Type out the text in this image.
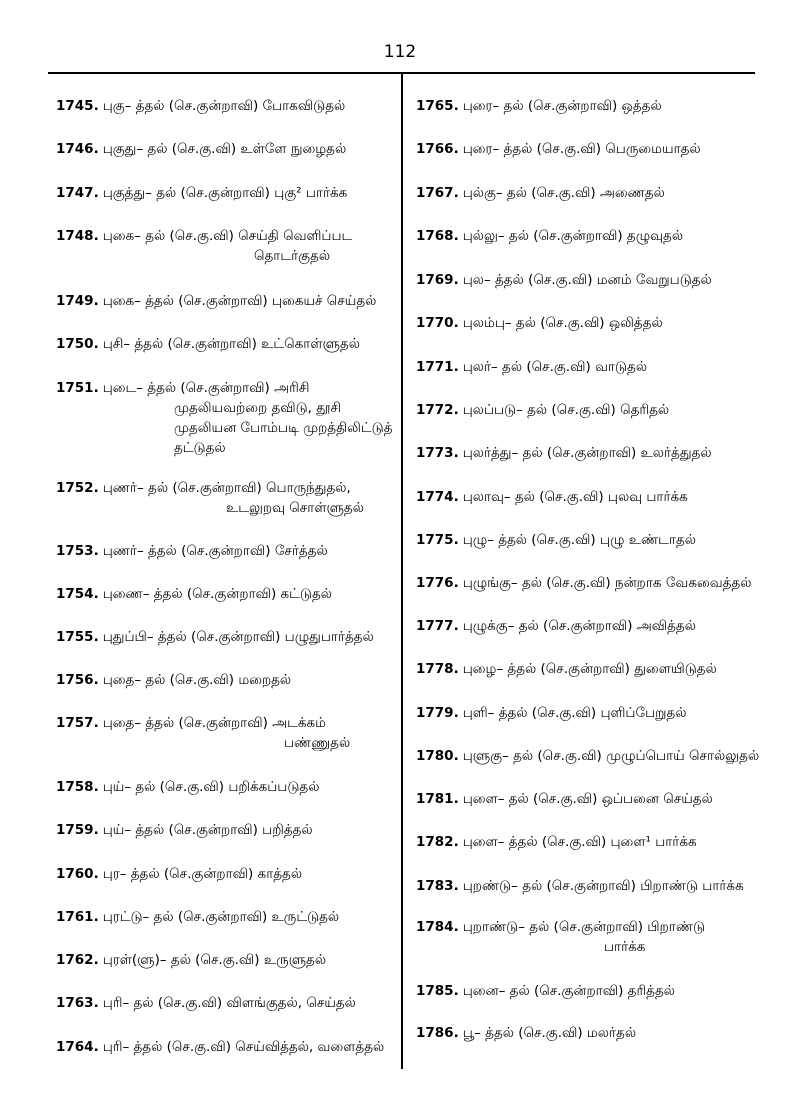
112
1745. புகு– த்தல் (செ.குன்றாவி) போகவிடுதல்
1746. புகுது– தல் (செ.கு.வி) உள்ளே நுழைதல்
1747. புகுத்து– தல் (செ.குன்றாவி) புகு² பார்க்க
1748. புகை– தல் (செ.கு.வி) செய்தி வெளிப்பட
தொடர்குதல்
1749. புகை– த்தல் (செ.குன்றாவி) புகையச் செய்தல்
1750. புசி– த்தல் (செ.குன்றாவி) உட்கொள்ளுதல்
1751. புடை– த்தல் (செ.குன்றாவி) அரிசி
முதலியவற்றை தவிடு, தூசி
முதலியன போம்படி முறத்திலிட்டுத்
தட்டுதல்
1752. புணர்– தல் (செ.குன்றாவி) பொருந்துதல்,
உடலுறவு சொள்ளுதல்
1753. புணர்– த்தல் (செ.குன்றாவி) சேர்த்தல்
1754. புணை– த்தல் (செ.குன்றாவி) கட்டுதல்
1755. புதுப்பி– த்தல் (செ.குன்றாவி) பழுதுபார்த்தல்
1756. புதை– தல் (செ.கு.வி) மறைதல்
1757. புதை– த்தல் (செ.குன்றாவி) அடக்கம்
பண்ணுதல்
1758. புய்– தல் (செ.கு.வி) பறிக்கப்படுதல்
1759. புய்– த்தல் (செ.குன்றாவி) பறித்தல்
1760. புர– த்தல் (செ.குன்றாவி) காத்தல்
1761. புரட்டு– தல் (செ.குன்றாவி) உருட்டுதல்
1762. புரள்(ளு)– தல் (செ.கு.வி) உருளுதல்
1763. புரி– தல் (செ.கு.வி) விளங்குதல், செய்தல்
1764. புரி– த்தல் (செ.கு.வி) செய்வித்தல், வளைத்தல்
1765. புரை– தல் (செ.குன்றாவி) ஒத்தல்
1766. புரை– த்தல் (செ.கு.வி) பெருமையாதல்
1767. புல்கு– தல் (செ.கு.வி) அணைதல்
1768. புல்லு– தல் (செ.குன்றாவி) தழுவுதல்
1769. புல– த்தல் (செ.கு.வி) மனம் வேறுபடுதல்
1770. புலம்பு– தல் (செ.கு.வி) ஒலித்தல்
1771. புலர்– தல் (செ.கு.வி) வாடுதல்
1772. புலப்படு– தல் (செ.கு.வி) தெரிதல்
1773. புலர்த்து– தல் (செ.குன்றாவி) உலர்த்துதல்
1774. புலாவு– தல் (செ.கு.வி) புலவு பார்க்க
1775. புழு– த்தல் (செ.கு.வி) புழு உண்டாதல்
1776. புழுங்கு– தல் (செ.கு.வி) நன்றாக வேகவைத்தல்
1777. புழுக்கு– தல் (செ.குன்றாவி) அவித்தல்
1778. புழை– த்தல் (செ.குன்றாவி) துளையிடுதல்
1779. புளி– த்தல் (செ.கு.வி) புளிப்பேறுதல்
1780. புளுகு– தல் (செ.கு.வி) முழுப்பொய் சொல்லுதல்
1781. புளை– தல் (செ.கு.வி) ஒப்பனை செய்தல்
1782. புளை– த்தல் (செ.கு.வி) புளை¹ பார்க்க
1783. புறண்டு– தல் (செ.குன்றாவி) பிறாண்டு பார்க்க
1784. புறாண்டு– தல் (செ.குன்றாவி) பிறாண்டு
பார்க்க
1785. புனை– தல் (செ.குன்றாவி) தரித்தல்
1786. பூ– த்தல் (செ.கு.வி) மலர்தல்
